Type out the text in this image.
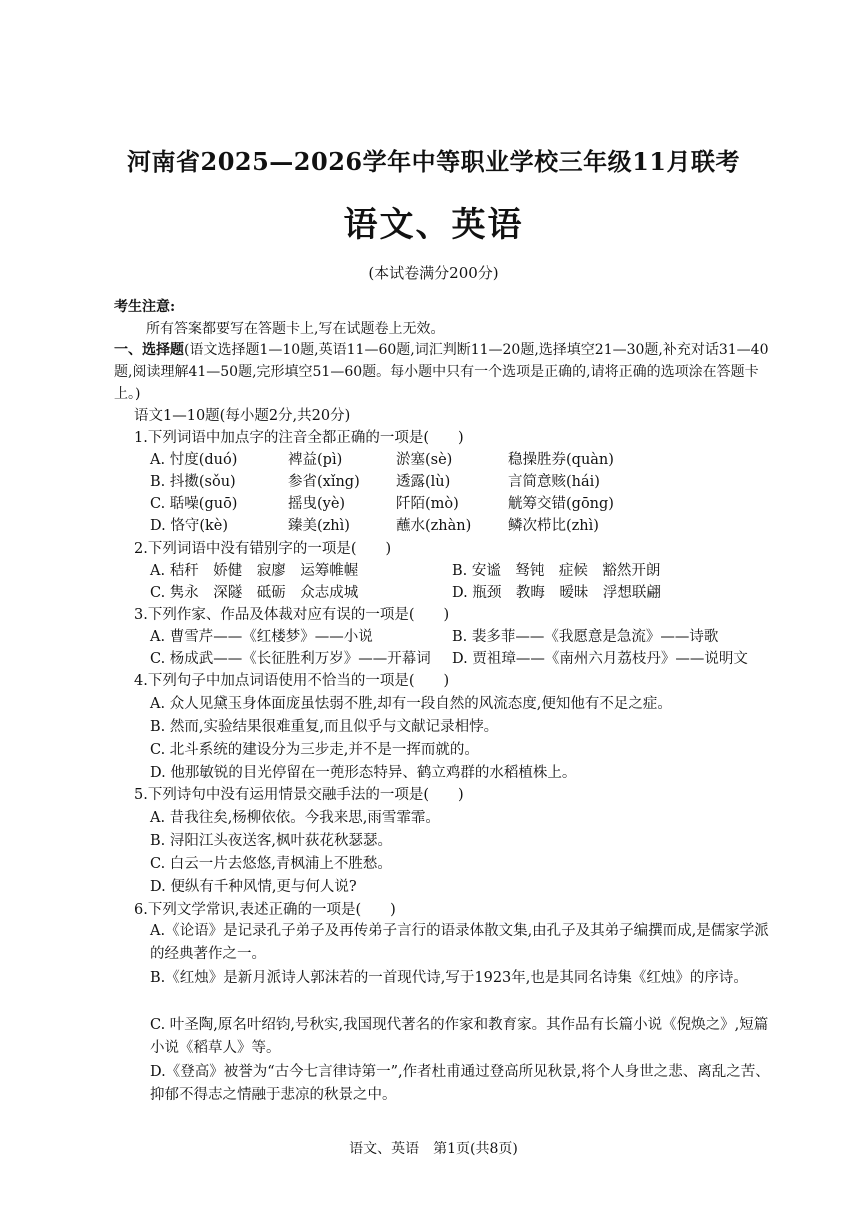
河南省2025—2026学年中等职业学校三年级11月联考
语文、英语
(本试卷满分200分)
考生注意:
所有答案都要写在答题卡上,写在试题卷上无效。
一、选择题(语文选择题1—10题,英语11—60题,词汇判断11—20题,选择填空21—30题,补充对话31—40题,阅读理解41—50题,完形填空51—60题。每小题中只有一个选项是正确的,请将正确的选项涂在答题卡上。)
语文1—10题(每小题2分,共20分)
1.下列词语中加点字的注音全都正确的一项是(　　)
A. 忖度(duó)	裨益(pì)	淤塞(sè)	稳操胜券(quàn)
B. 抖擞(sǒu)	参省(xǐng)	透露(lù)	言简意赅(hái)
C. 聒噪(guō)	摇曳(yè)	阡陌(mò)	觥筹交错(gōng)
D. 恪守(kè)	臻美(zhì)	蘸水(zhàn)	鳞次栉比(zhì)
2.下列词语中没有错别字的一项是(　　)
A. 秸秆　娇健　寂廖　运筹帷幄	B. 安谧　驽钝　症候　豁然开朗
C. 隽永　深隧　砥砺　众志成城	D. 瓶颈　教晦　暧昧　浮想联翩
3.下列作家、作品及体裁对应有误的一项是(　　)
A. 曹雪芹——《红楼梦》——小说	B. 裴多菲——《我愿意是急流》——诗歌
C. 杨成武——《长征胜利万岁》——开幕词 D. 贾祖璋——《南州六月荔枝丹》——说明文
4.下列句子中加点词语使用不恰当的一项是(　　)
A. 众人见黛玉身体面庞虽怯弱不胜,却有一段自然的风流态度,便知他有不足之症。
B. 然而,实验结果很难重复,而且似乎与文献记录相悖。
C. 北斗系统的建设分为三步走,并不是一挥而就的。
D. 他那敏锐的目光停留在一蔸形态特异、鹤立鸡群的水稻植株上。
5.下列诗句中没有运用情景交融手法的一项是(　　)
A. 昔我往矣,杨柳依依。今我来思,雨雪霏霏。
B. 浔阳江头夜送客,枫叶荻花秋瑟瑟。
C. 白云一片去悠悠,青枫浦上不胜愁。
D. 便纵有千种风情,更与何人说?
6.下列文学常识,表述正确的一项是(　　)
A.《论语》是记录孔子弟子及再传弟子言行的语录体散文集,由孔子及其弟子编撰而成,是儒家学派的经典著作之一。
B.《红烛》是新月派诗人郭沫若的一首现代诗,写于1923年,也是其同名诗集《红烛》的序诗。
C. 叶圣陶,原名叶绍钧,号秋实,我国现代著名的作家和教育家。其作品有长篇小说《倪焕之》,短篇小说《稻草人》等。
D.《登高》被誉为“古今七言律诗第一”,作者杜甫通过登高所见秋景,将个人身世之悲、离乱之苦、抑郁不得志之情融于悲凉的秋景之中。
语文、英语　第1页(共8页)
